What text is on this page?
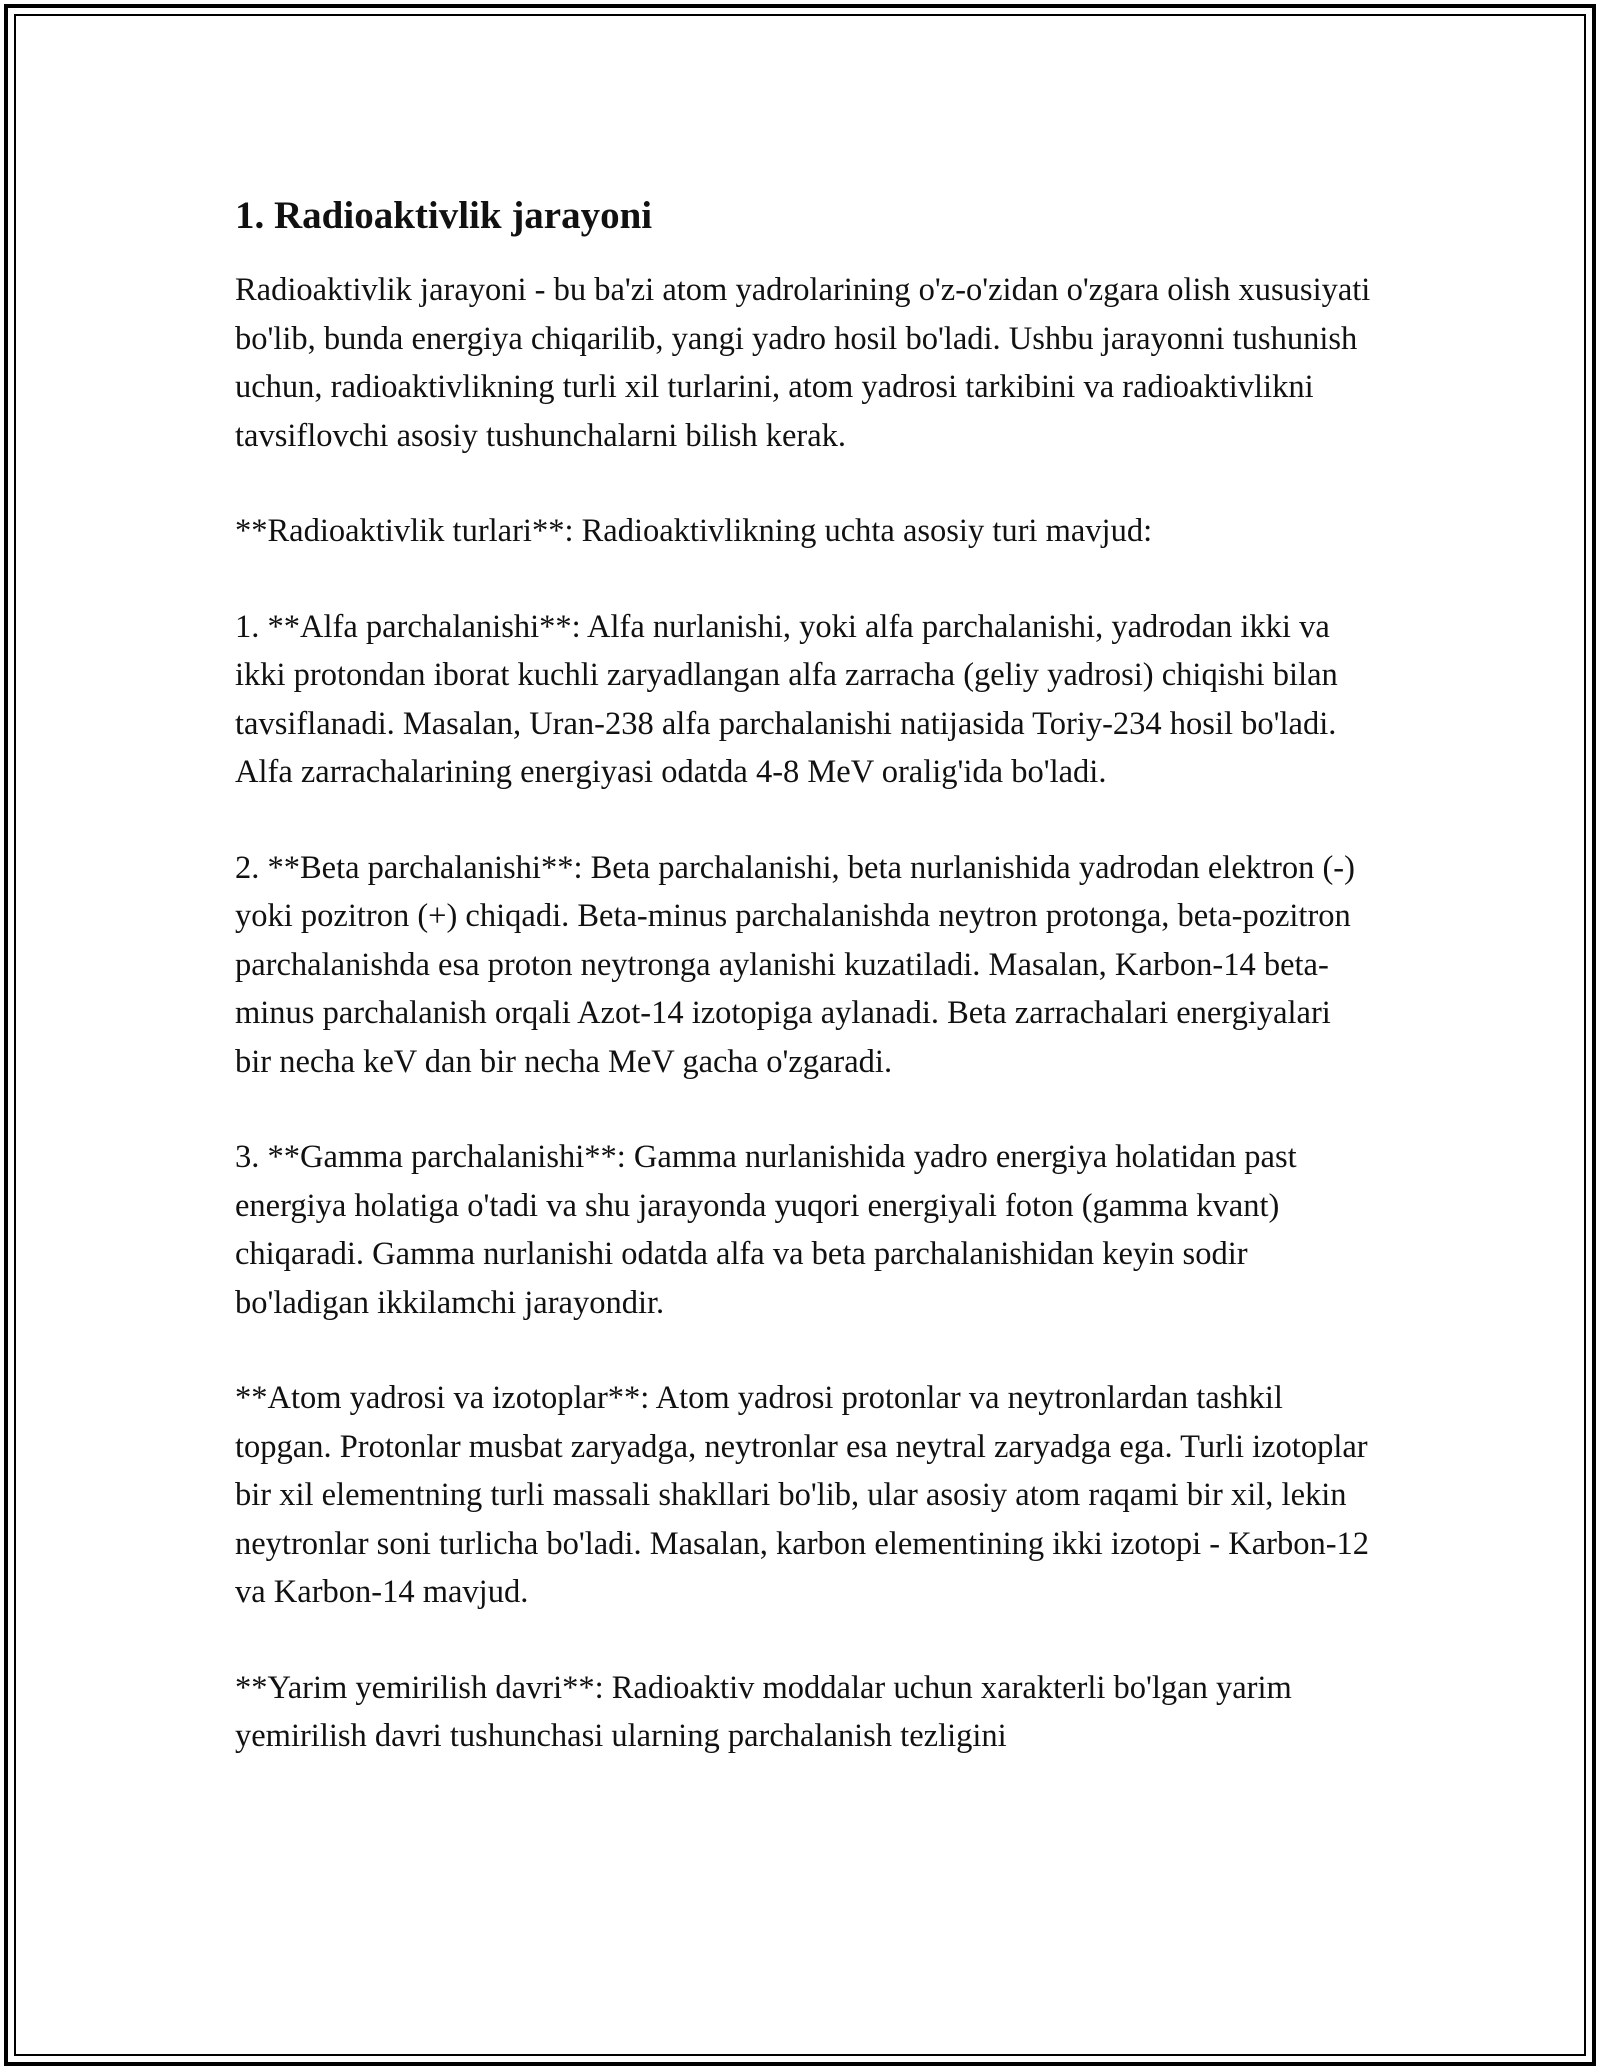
1. Radioaktivlik jarayoni

Radioaktivlik jarayoni - bu ba'zi atom yadrolarining o'z-o'zidan o'zgara olish xususiyati bo'lib, bunda energiya chiqarilib, yangi yadro hosil bo'ladi. Ushbu jarayonni tushunish uchun, radioaktivlikning turli xil turlarini, atom yadrosi tarkibini va radioaktivlikni tavsiflovchi asosiy tushunchalarni bilish kerak.

**Radioaktivlik turlari**: Radioaktivlikning uchta asosiy turi mavjud:

1. **Alfa parchalanishi**: Alfa nurlanishi, yoki alfa parchalanishi, yadrodan ikki va ikki protondan iborat kuchli zaryadlangan alfa zarracha (geliy yadrosi) chiqishi bilan tavsiflanadi. Masalan, Uran-238 alfa parchalanishi natijasida Toriy-234 hosil bo'ladi. Alfa zarrachalarining energiyasi odatda 4-8 MeV oralig'ida bo'ladi.

2. **Beta parchalanishi**: Beta parchalanishi, beta nurlanishida yadrodan elektron (-) yoki pozitron (+) chiqadi. Beta-minus parchalanishda neytron protonga, beta-pozitron parchalanishda esa proton neytronga aylanishi kuzatiladi. Masalan, Karbon-14 beta-minus parchalanish orqali Azot-14 izotopiga aylanadi. Beta zarrachalari energiyalari bir necha keV dan bir necha MeV gacha o'zgaradi.

3. **Gamma parchalanishi**: Gamma nurlanishida yadro energiya holatidan past energiya holatiga o'tadi va shu jarayonda yuqori energiyali foton (gamma kvant) chiqaradi. Gamma nurlanishi odatda alfa va beta parchalanishidan keyin sodir bo'ladigan ikkilamchi jarayondir.

**Atom yadrosi va izotoplar**: Atom yadrosi protonlar va neytronlardan tashkil topgan. Protonlar musbat zaryadga, neytronlar esa neytral zaryadga ega. Turli izotoplar bir xil elementning turli massali shakllari bo'lib, ular asosiy atom raqami bir xil, lekin neytronlar soni turlicha bo'ladi. Masalan, karbon elementining ikki izotopi - Karbon-12 va Karbon-14 mavjud.

**Yarim yemirilish davri**: Radioaktiv moddalar uchun xarakterli bo'lgan yarim yemirilish davri tushunchasi ularning parchalanish tezligini
